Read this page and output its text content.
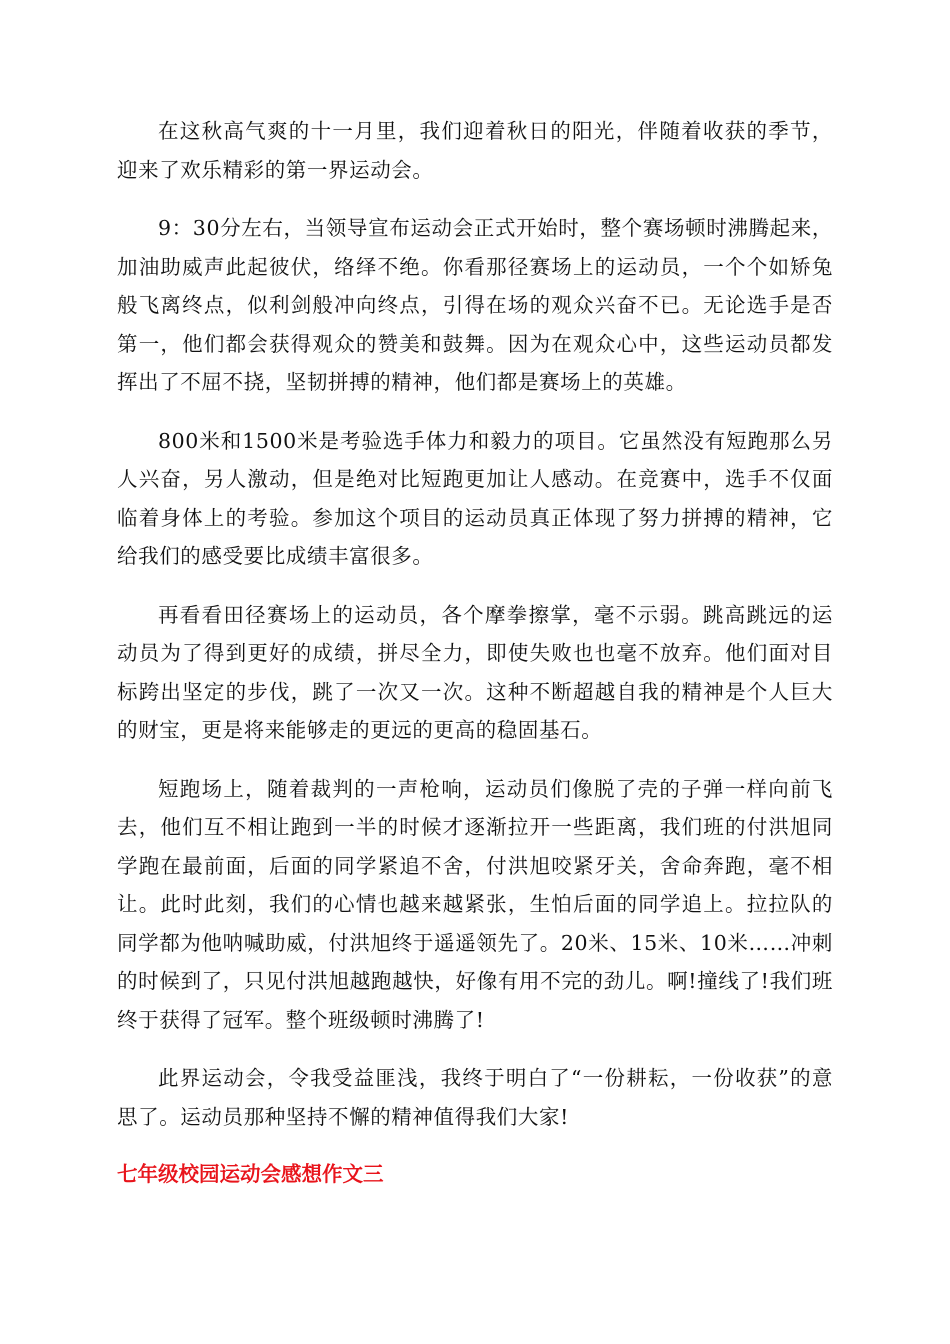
在这秋高气爽的十一月里，我们迎着秋日的阳光，伴随着收获的季节，迎来了欢乐精彩的第一界运动会。

9：30分左右，当领导宣布运动会正式开始时，整个赛场顿时沸腾起来，加油助威声此起彼伏，络绎不绝。你看那径赛场上的运动员，一个个如矫兔般飞离终点，似利剑般冲向终点，引得在场的观众兴奋不已。无论选手是否第一，他们都会获得观众的赞美和鼓舞。因为在观众心中，这些运动员都发挥出了不屈不挠，坚韧拼搏的精神，他们都是赛场上的英雄。

800米和1500米是考验选手体力和毅力的项目。它虽然没有短跑那么另人兴奋，另人激动，但是绝对比短跑更加让人感动。在竞赛中，选手不仅面临着身体上的考验。参加这个项目的运动员真正体现了努力拼搏的精神，它给我们的感受要比成绩丰富很多。

再看看田径赛场上的运动员，各个摩拳擦掌，毫不示弱。跳高跳远的运动员为了得到更好的成绩，拼尽全力，即使失败也也毫不放弃。他们面对目标跨出坚定的步伐，跳了一次又一次。这种不断超越自我的精神是个人巨大的财宝，更是将来能够走的更远的更高的稳固基石。

短跑场上，随着裁判的一声枪响，运动员们像脱了壳的子弹一样向前飞去，他们互不相让跑到一半的时候才逐渐拉开一些距离，我们班的付洪旭同学跑在最前面，后面的同学紧追不舍，付洪旭咬紧牙关，舍命奔跑，毫不相让。此时此刻，我们的心情也越来越紧张，生怕后面的同学追上。拉拉队的同学都为他呐喊助威，付洪旭终于遥遥领先了。20米、15米、10米……冲刺的时候到了，只见付洪旭越跑越快，好像有用不完的劲儿。啊!撞线了!我们班终于获得了冠军。整个班级顿时沸腾了!

此界运动会，令我受益匪浅，我终于明白了“一份耕耘，一份收获”的意思了。运动员那种坚持不懈的精神值得我们大家!

七年级校园运动会感想作文三
